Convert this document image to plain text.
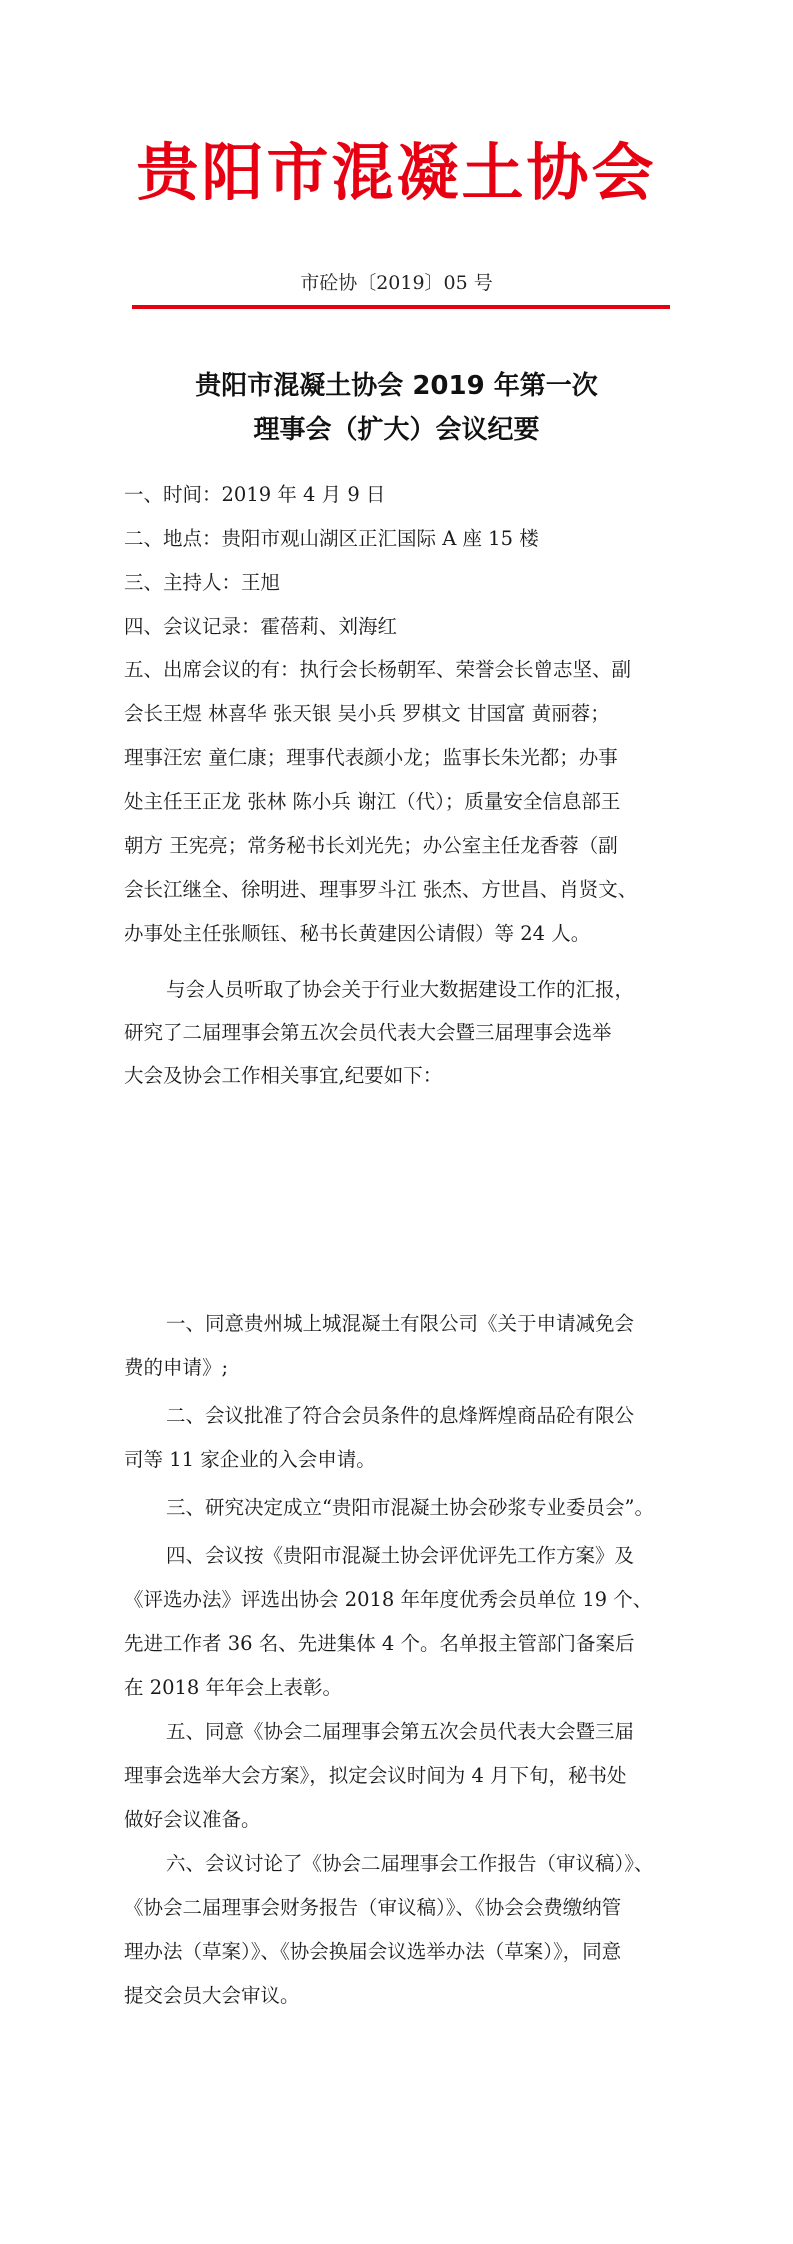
贵阳市混凝土协会
市砼协〔2019〕05 号
贵阳市混凝土协会 2019 年第一次
理事会（扩大）会议纪要
一、时间：2019 年 4 月 9 日
二、地点：贵阳市观山湖区正汇国际 A 座 15 楼
三、主持人：王旭
四、会议记录：霍蓓莉、刘海红
五、出席会议的有：执行会长杨朝军、荣誉会长曾志坚、副
会长王煜 林喜华 张天银 吴小兵 罗棋文 甘国富 黄丽蓉；
理事汪宏 童仁康；理事代表颜小龙；监事长朱光都；办事
处主任王正龙 张林 陈小兵 谢江（代）；质量安全信息部王
朝方 王宪亮；常务秘书长刘光先；办公室主任龙香蓉（副
会长江继全、徐明进、理事罗斗江 张杰、方世昌、肖贤文、
办事处主任张顺钰、秘书长黄建因公请假）等 24 人。
与会人员听取了协会关于行业大数据建设工作的汇报，
研究了二届理事会第五次会员代表大会暨三届理事会选举
大会及协会工作相关事宜,纪要如下：
一、同意贵州城上城混凝土有限公司《关于申请减免会
费的申请》;
二、会议批准了符合会员条件的息烽辉煌商品砼有限公
司等 11 家企业的入会申请。
三、研究决定成立“贵阳市混凝土协会砂浆专业委员会”。
四、会议按《贵阳市混凝土协会评优评先工作方案》及
《评选办法》评选出协会 2018 年年度优秀会员单位 19 个、
先进工作者 36 名、先进集体 4 个。名单报主管部门备案后
在 2018 年年会上表彰。
五、同意《协会二届理事会第五次会员代表大会暨三届
理事会选举大会方案》，拟定会议时间为 4 月下旬，秘书处
做好会议准备。
六、会议讨论了《协会二届理事会工作报告（审议稿）》、
《协会二届理事会财务报告（审议稿）》、《协会会费缴纳管
理办法（草案）》、《协会换届会议选举办法（草案）》，同意
提交会员大会审议。
